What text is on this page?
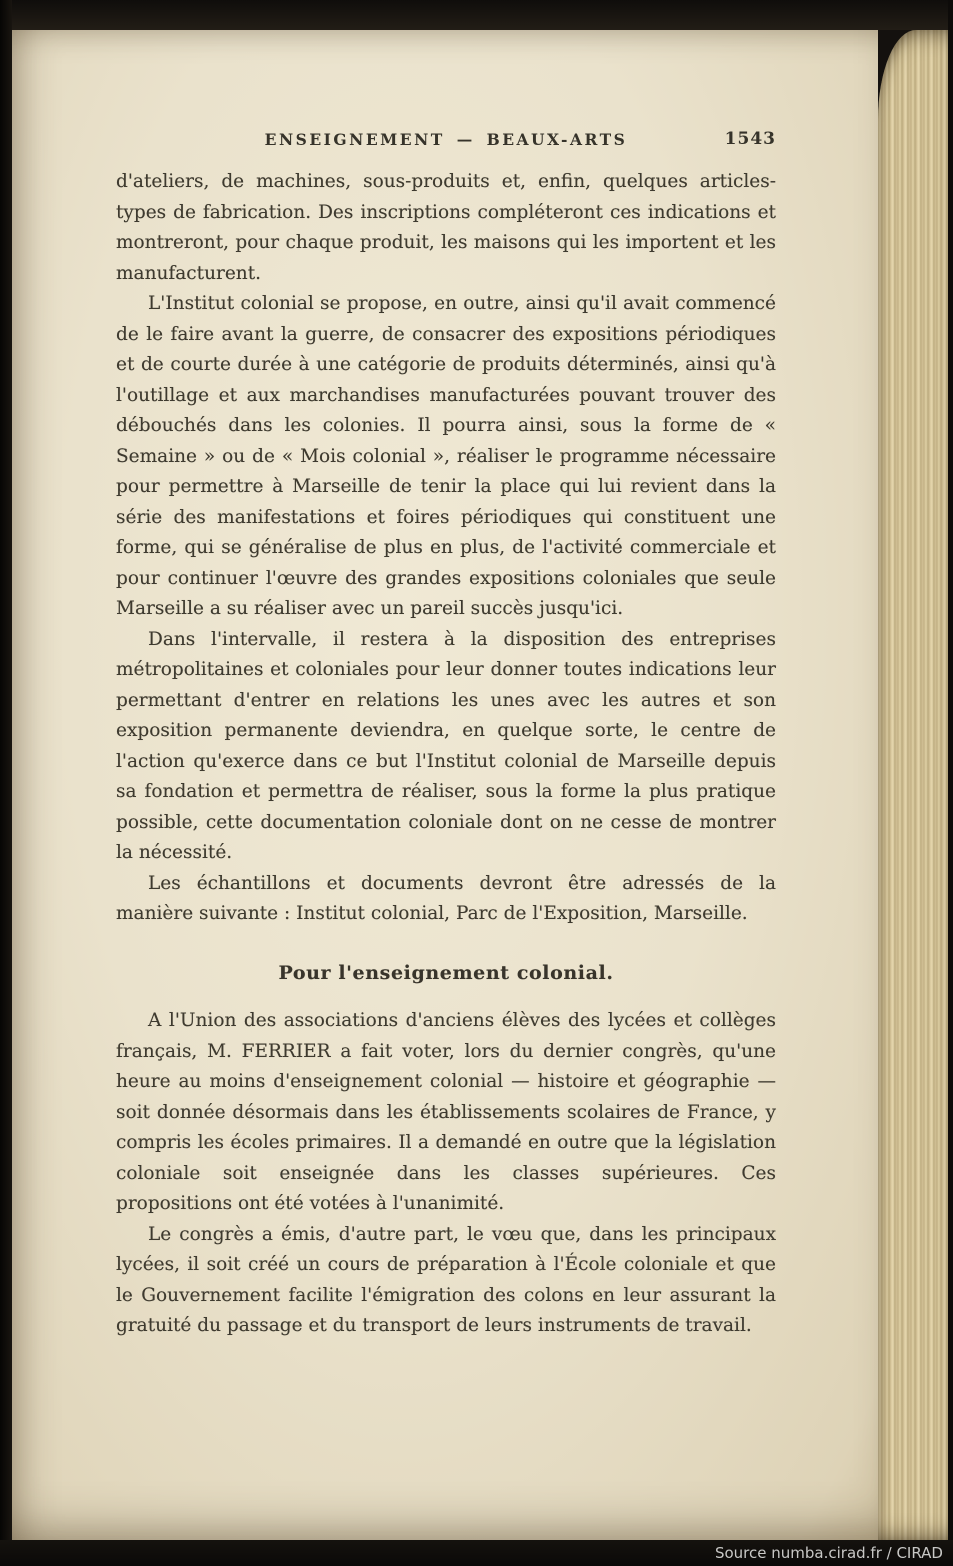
ENSEIGNEMENT — BEAUX-ARTS	1543

d'ateliers, de machines, sous-produits et, enfin, quelques articles-types de fabrication. Des inscriptions compléteront ces indications et montreront, pour chaque produit, les maisons qui les importent et les manufacturent.

L'Institut colonial se propose, en outre, ainsi qu'il avait commencé de le faire avant la guerre, de consacrer des expositions périodiques et de courte durée à une catégorie de produits déterminés, ainsi qu'à l'outillage et aux marchandises manufacturées pouvant trouver des débouchés dans les colonies. Il pourra ainsi, sous la forme de « Semaine » ou de « Mois colonial », réaliser le programme nécessaire pour permettre à Marseille de tenir la place qui lui revient dans la série des manifestations et foires périodiques qui constituent une forme, qui se généralise de plus en plus, de l'activité commerciale et pour continuer l'œuvre des grandes expositions coloniales que seule Marseille a su réaliser avec un pareil succès jusqu'ici.

Dans l'intervalle, il restera à la disposition des entreprises métropolitaines et coloniales pour leur donner toutes indications leur permettant d'entrer en relations les unes avec les autres et son exposition permanente deviendra, en quelque sorte, le centre de l'action qu'exerce dans ce but l'Institut colonial de Marseille depuis sa fondation et permettra de réaliser, sous la forme la plus pratique possible, cette documentation coloniale dont on ne cesse de montrer la nécessité.

Les échantillons et documents devront être adressés de la manière suivante : Institut colonial, Parc de l'Exposition, Marseille.

Pour l'enseignement colonial.

A l'Union des associations d'anciens élèves des lycées et collèges français, M. FERRIER a fait voter, lors du dernier congrès, qu'une heure au moins d'enseignement colonial — histoire et géographie — soit donnée désormais dans les établissements scolaires de France, y compris les écoles primaires. Il a demandé en outre que la législation coloniale soit enseignée dans les classes supérieures. Ces propositions ont été votées à l'unanimité.

Le congrès a émis, d'autre part, le vœu que, dans les principaux lycées, il soit créé un cours de préparation à l'École coloniale et que le Gouvernement facilite l'émigration des colons en leur assurant la gratuité du passage et du transport de leurs instruments de travail.

Source numba.cirad.fr / CIRAD
